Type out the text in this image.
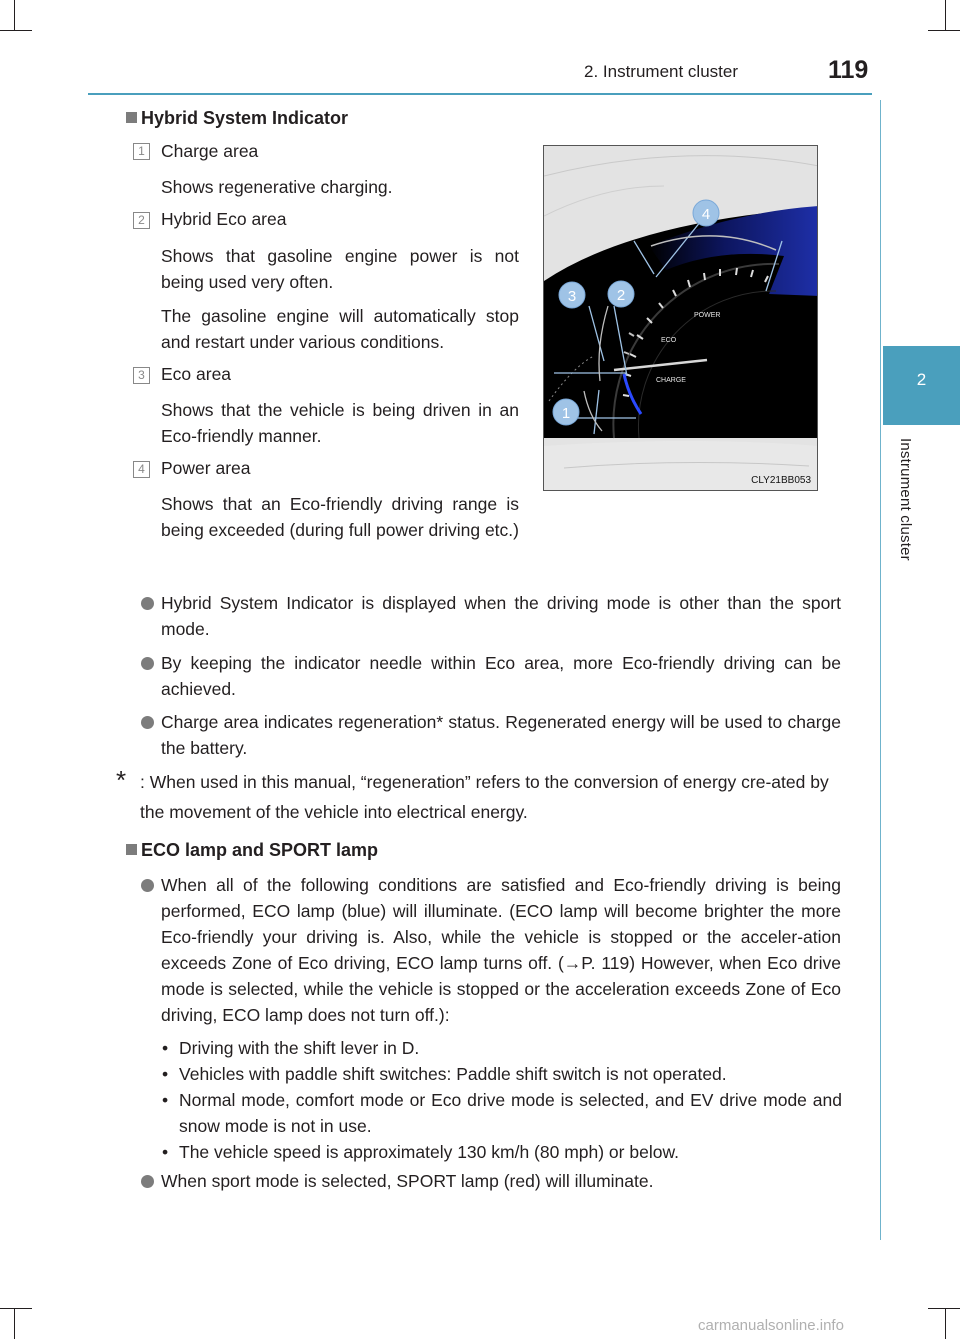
2. Instrument cluster	119
2
Instrument cluster
Hybrid System Indicator
1 Charge area
Shows regenerative charging.
2 Hybrid Eco area
Shows that gasoline engine power is not being used very often.
The gasoline engine will automatically stop and restart under various conditions.
3 Eco area
Shows that the vehicle is being driven in an Eco-friendly manner.
4 Power area
Shows that an Eco-friendly driving range is being exceeded (during full power driving etc.)
POWER
ECO
CHARGE
4
3	2
1
CLY21BB053
Hybrid System Indicator is displayed when the driving mode is other than the sport mode.
By keeping the indicator needle within Eco area, more Eco-friendly driving can be achieved.
Charge area indicates regeneration* status. Regenerated energy will be used to charge the battery.
* : When used in this manual, “regeneration” refers to the conversion of energy cre-ated by the movement of the vehicle into electrical energy.
ECO lamp and SPORT lamp
When all of the following conditions are satisfied and Eco-friendly driving is being performed, ECO lamp (blue) will illuminate. (ECO lamp will become brighter the more Eco-friendly your driving is. Also, while the vehicle is stopped or the acceler-ation exceeds Zone of Eco driving, ECO lamp turns off. (→P. 119) However, when Eco drive mode is selected, while the vehicle is stopped or the acceleration exceeds Zone of Eco driving, ECO lamp does not turn off.):
• Driving with the shift lever in D.
• Vehicles with paddle shift switches: Paddle shift switch is not operated.
• Normal mode, comfort mode or Eco drive mode is selected, and EV drive mode and snow mode is not in use.
• The vehicle speed is approximately 130 km/h (80 mph) or below.
When sport mode is selected, SPORT lamp (red) will illuminate.
carmanualsonline.info
